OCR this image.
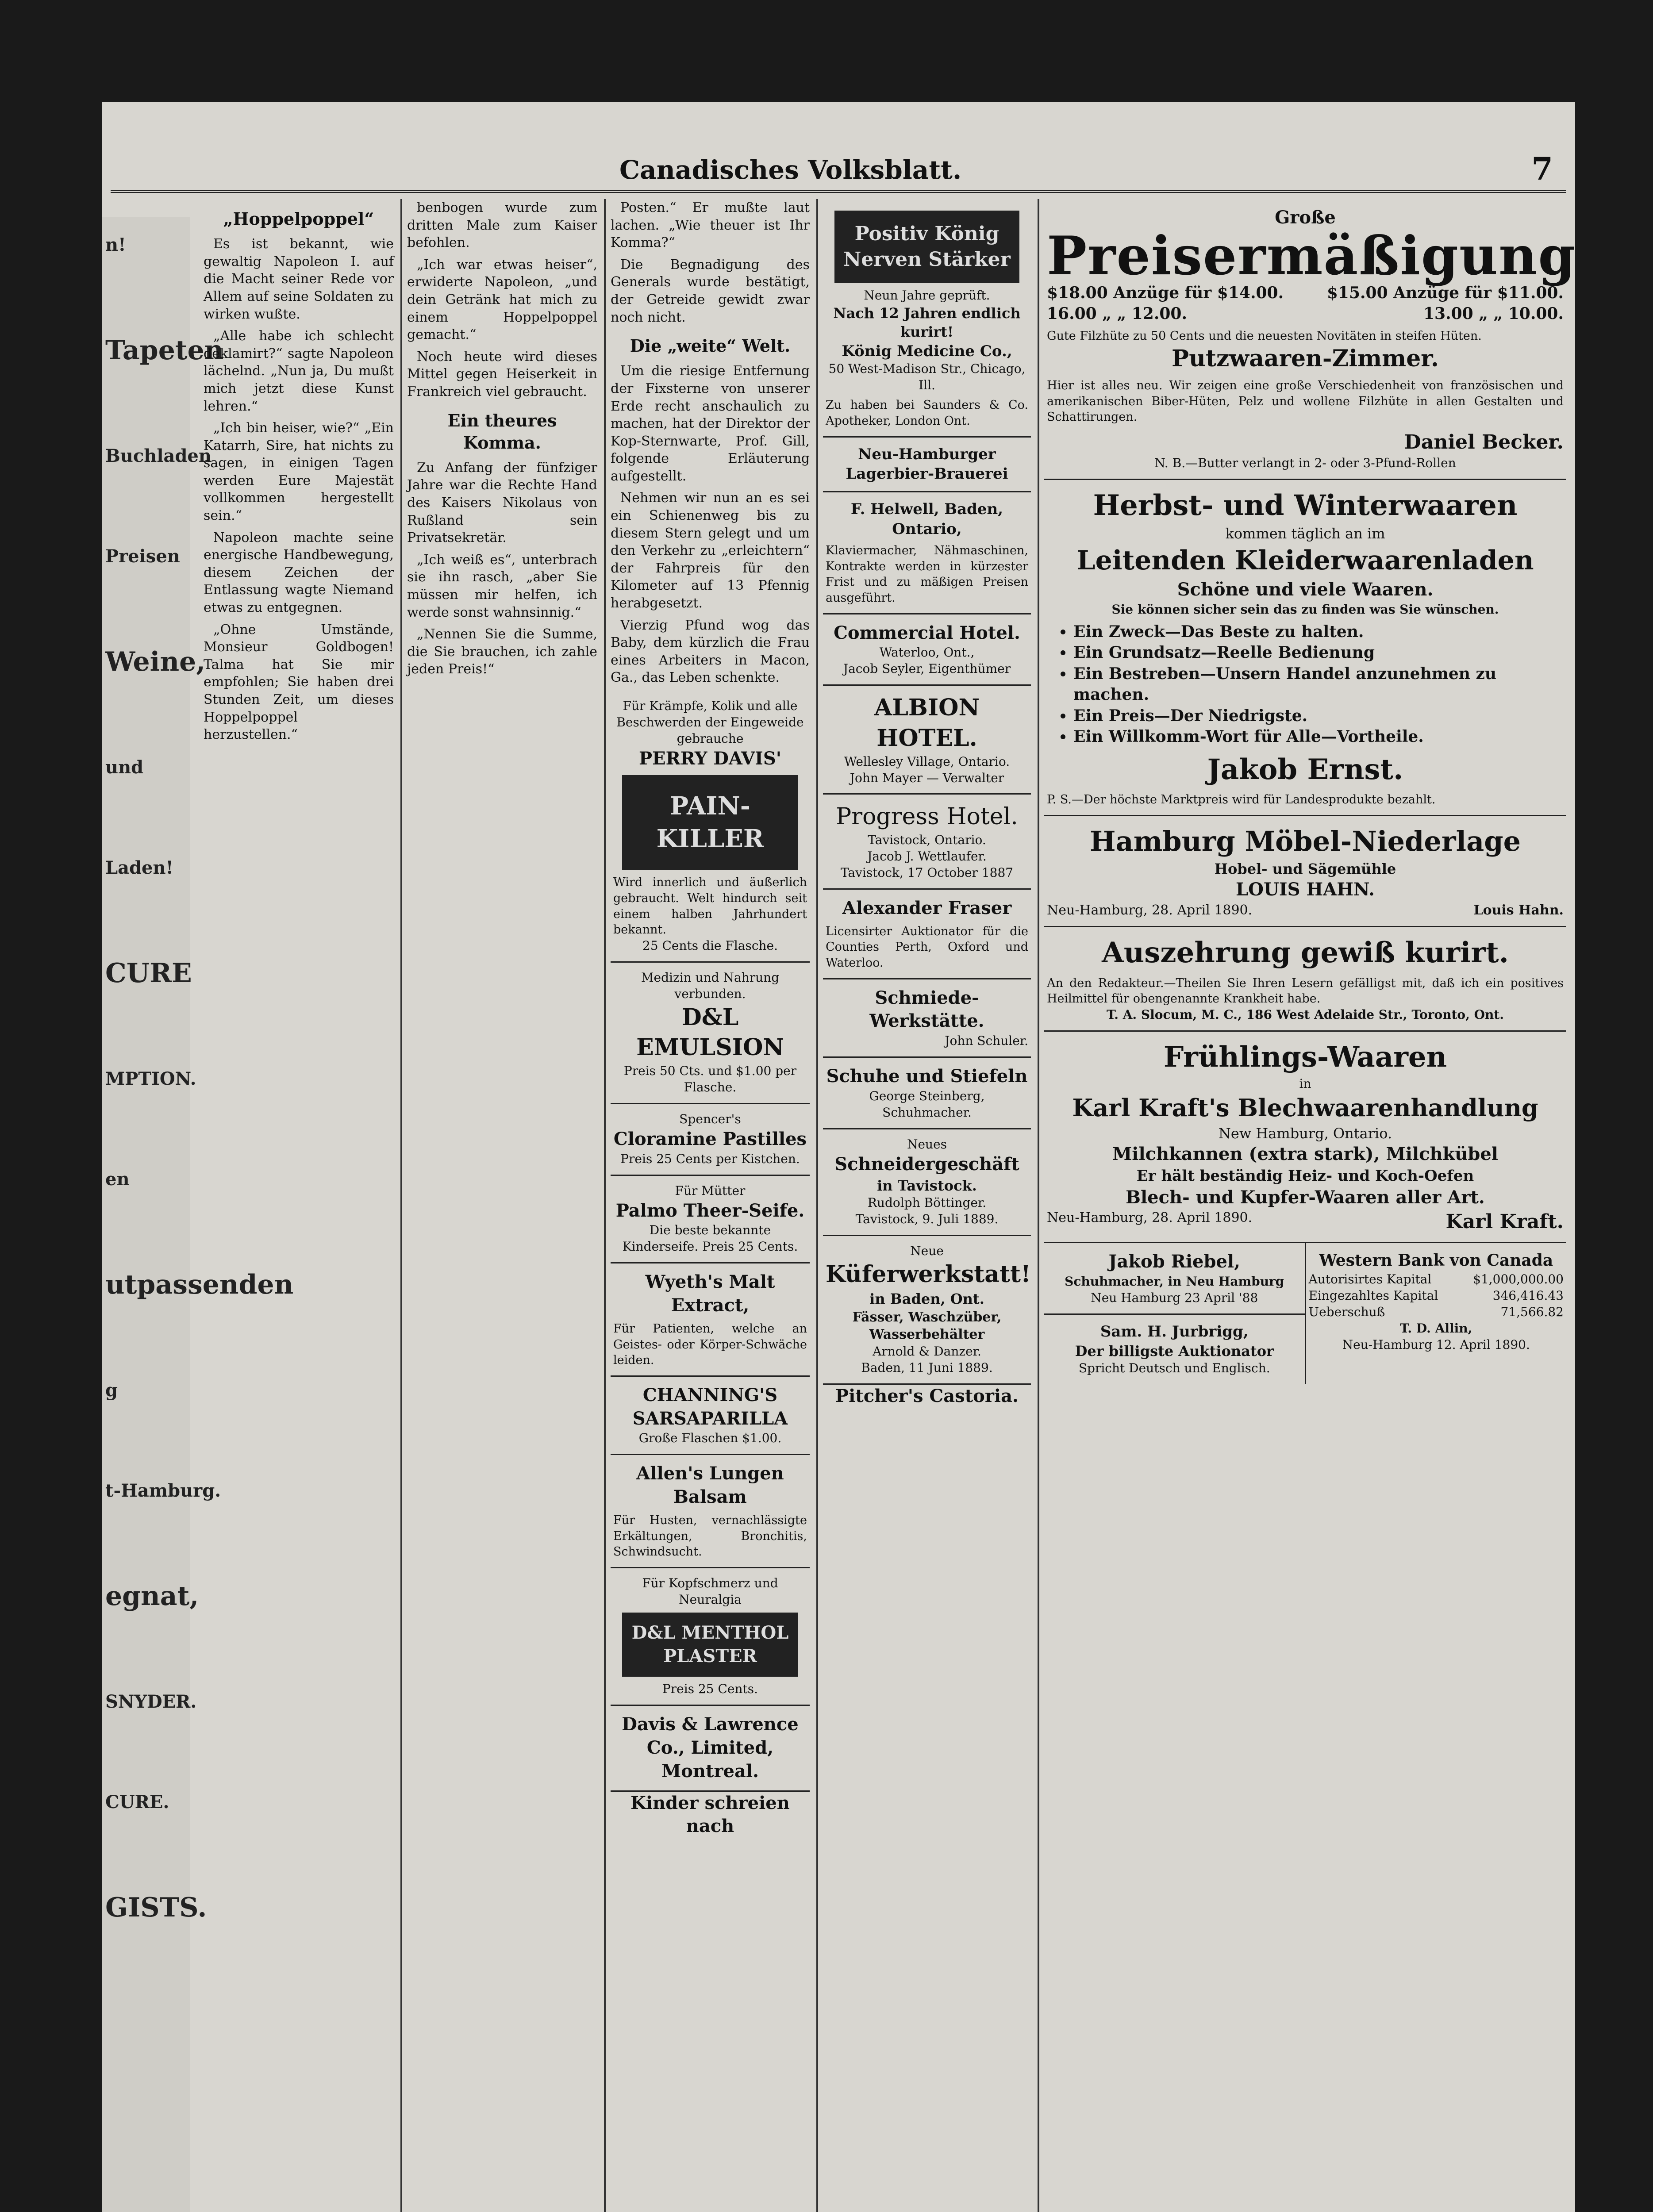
n!
Tapeten
Buchladen
Preisen
Weine,
und
Laden!
CURE
MPTION.
en
utpassenden
g
t-Hamburg.
egnat,
SNYDER.
CURE.
GISTS.
Canadisches Volksblatt.	7
„Hoppelpoppel“

Es ist bekannt, wie gewaltig Napoleon I. auf die Macht seiner Rede vor Allem auf seine Soldaten zu wirken wußte.

„Alle habe ich schlecht deklamirt?“ sagte Napoleon lächelnd. „Nun ja, Du mußt mich jetzt diese Kunst lehren.“

„Ich bin heiser, wie?“ „Ein Katarrh, Sire, hat nichts zu sagen, in einigen Tagen werden Eure Majestät vollkommen hergestellt sein.“

Napoleon machte seine energische Handbewegung, diesem Zeichen der Entlassung wagte Niemand etwas zu entgegnen.

„Ohne Umstände, Monsieur Goldbogen! Talma hat Sie mir empfohlen; Sie haben drei Stunden Zeit, um dieses Hoppelpoppel herzustellen.“

benbogen wurde zum dritten Male zum Kaiser befohlen.

„Ich war etwas heiser“, erwiderte Napoleon, „und dein Getränk hat mich zu einem Hoppelpoppel gemacht.“

Noch heute wird dieses Mittel gegen Heiserkeit in Frankreich viel gebraucht.

Ein theures Komma.

Zu Anfang der fünfziger Jahre war die Rechte Hand des Kaisers Nikolaus von Rußland sein Privatsekretär.

„Ich weiß es“, unterbrach sie ihn rasch, „aber Sie müssen mir helfen, ich werde sonst wahnsinnig.“

„Nennen Sie die Summe, die Sie brauchen, ich zahle jeden Preis!“

Posten.“ Er mußte laut lachen. „Wie theuer ist Ihr Komma?“

Die Begnadigung des Generals wurde bestätigt, der Getreide gewidt zwar noch nicht.

Die „weite“ Welt.

Um die riesige Entfernung der Fixsterne von unserer Erde recht anschaulich zu machen, hat der Direktor der Kop-Sternwarte, Prof. Gill, folgende Erläuterung aufgestellt.

Nehmen wir nun an es sei ein Schienenweg bis zu diesem Stern gelegt und um den Verkehr zu „erleichtern“ der Fahrpreis für den Kilometer auf 13 Pfennig herabgesetzt.

Vierzig Pfund wog das Baby, dem kürzlich die Frau eines Arbeiters in Macon, Ga., das Leben schenkte.

Für Krämpfe, Kolik und alle Beschwerden der Eingeweide gebrauche
PERRY DAVIS'
PAIN-KILLER
Wird innerlich und äußerlich gebraucht. Welt hindurch seit einem halben Jahrhundert bekannt.
25 Cents die Flasche.
Medizin und Nahrung verbunden.
D&L EMULSION
Preis 50 Cts. und $1.00 per Flasche.
Spencer's
Cloramine Pastilles
Preis 25 Cents per Kistchen.
Für Mütter
Palmo Theer-Seife.
Die beste bekannte Kinderseife. Preis 25 Cents.
Wyeth's Malt Extract,
Für Patienten, welche an Geistes- oder Körper-Schwäche leiden.
CHANNING'S SARSAPARILLA
Große Flaschen $1.00.
Allen's Lungen Balsam
Für Husten, vernachlässigte Erkältungen, Bronchitis, Schwindsucht.
Für Kopfschmerz und Neuralgia
D&L MENTHOL PLASTER
Preis 25 Cents.
Davis & Lawrence Co., Limited, Montreal.
Kinder schreien nach
Positiv König Nerven Stärker
Neun Jahre geprüft.
Nach 12 Jahren endlich kurirt!
König Medicine Co.,
50 West-Madison Str., Chicago, Ill.
Zu haben bei Saunders & Co. Apotheker, London Ont.
Neu-Hamburger Lagerbier-Brauerei
F. Helwell, Baden, Ontario,
Klaviermacher, Nähmaschinen, Kontrakte werden in kürzester Frist und zu mäßigen Preisen ausgeführt.
Commercial Hotel.
Waterloo, Ont.,
Jacob Seyler, Eigenthümer
ALBION HOTEL.
Wellesley Village, Ontario.
John Mayer — Verwalter
Progress Hotel.
Tavistock, Ontario.
Jacob J. Wettlaufer.
Tavistock, 17 October 1887
Alexander Fraser
Licensirter Auktionator für die Counties Perth, Oxford und Waterloo.
Schmiede-Werkstätte.
John Schuler.
Schuhe und Stiefeln
George Steinberg, Schuhmacher.
Neues
Schneidergeschäft
in Tavistock.
Rudolph Böttinger.
Tavistock, 9. Juli 1889.
Neue
Küferwerkstatt!
in Baden, Ont.
Fässer, Waschzüber, Wasserbehälter
Arnold & Danzer.
Baden, 11 Juni 1889.
Pitcher's Castoria.
Große
Preisermäßigung
$18.00 Anzüge für $14.00.	$15.00 Anzüge für $11.00.
16.00 „ „ 12.00.	13.00 „ „ 10.00.
Gute Filzhüte zu 50 Cents und die neuesten Novitäten in steifen Hüten.
Putzwaaren-Zimmer.
Hier ist alles neu. Wir zeigen eine große Verschiedenheit von französischen und amerikanischen Biber-Hüten, Pelz und wollene Filzhüte in allen Gestalten und Schattirungen.
Daniel Becker.
N. B.—Butter verlangt in 2- oder 3-Pfund-Rollen
Herbst- und Winterwaaren
kommen täglich an im
Leitenden Kleiderwaarenladen
Schöne und viele Waaren.
Sie können sicher sein das zu finden was Sie wünschen.
• Ein Zweck—Das Beste zu halten.
• Ein Grundsatz—Reelle Bedienung
• Ein Bestreben—Unsern Handel anzunehmen zu machen.
• Ein Preis—Der Niedrigste.
• Ein Willkomm-Wort für Alle—Vortheile.
Jakob Ernst.
P. S.—Der höchste Marktpreis wird für Landesprodukte bezahlt.
Hamburg Möbel-Niederlage
Hobel- und Sägemühle
LOUIS HAHN.
Neu-Hamburg, 28. April 1890.	Louis Hahn.
Auszehrung gewiß kurirt.
An den Redakteur.—Theilen Sie Ihren Lesern gefälligst mit, daß ich ein positives Heilmittel für obengenannte Krankheit habe.
T. A. Slocum, M. C., 186 West Adelaide Str., Toronto, Ont.
Frühlings-Waaren
in
Karl Kraft's Blechwaarenhandlung
New Hamburg, Ontario.
Milchkannen (extra stark), Milchkübel
Er hält beständig Heiz- und Koch-Oefen
Blech- und Kupfer-Waaren aller Art.
Neu-Hamburg, 28. April 1890.	Karl Kraft.
Jakob Riebel,
Schuhmacher, in Neu Hamburg
Neu Hamburg 23 April '88
Sam. H. Jurbrigg,
Der billigste Auktionator
Spricht Deutsch und Englisch.
Western Bank von Canada
Autorisirtes Kapital	$1,000,000.00
Eingezahltes Kapital	346,416.43
Ueberschuß	71,566.82
T. D. Allin,
Neu-Hamburg 12. April 1890.
